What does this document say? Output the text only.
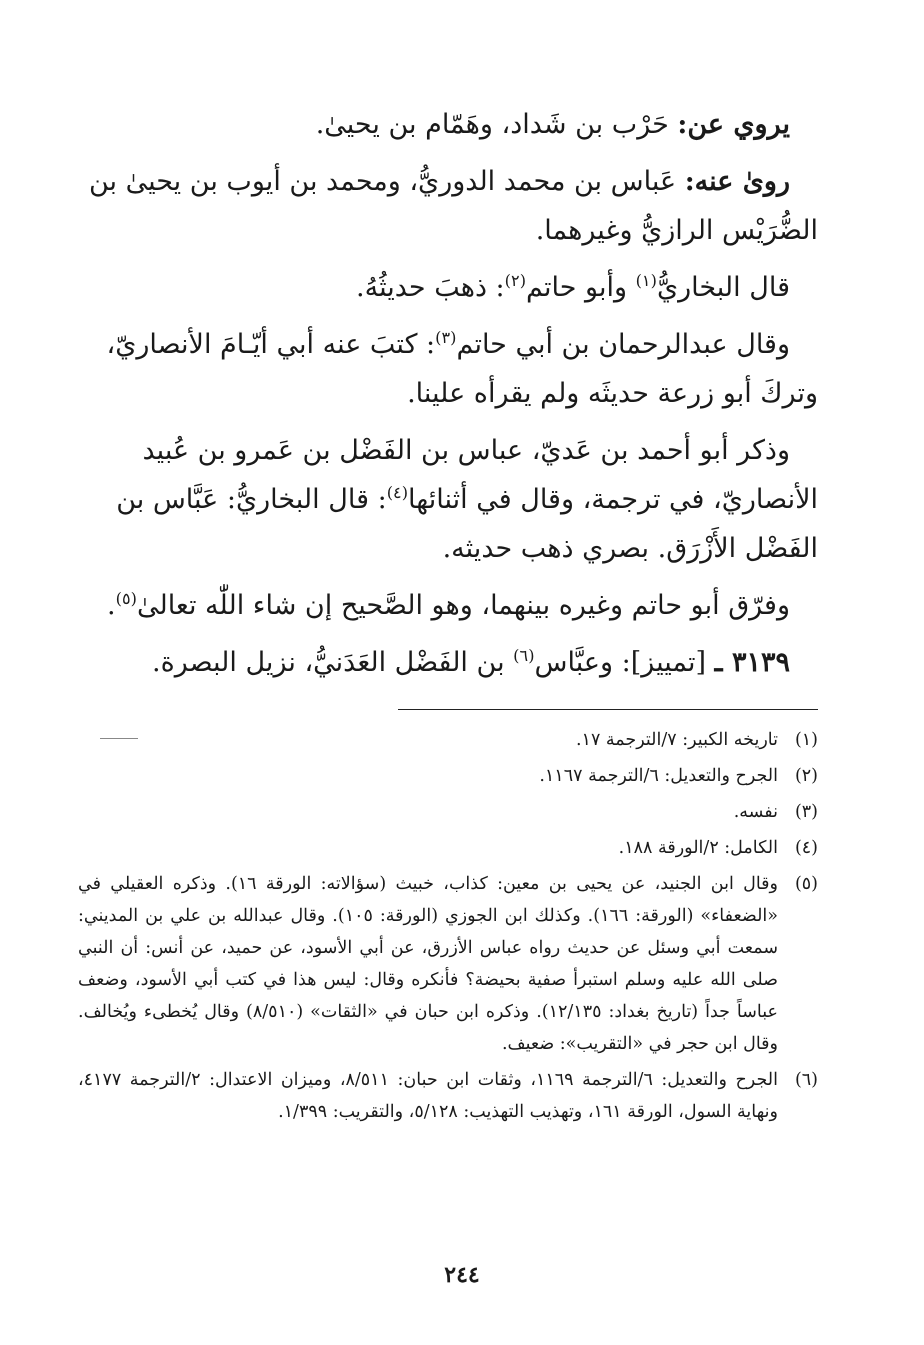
يروي عن: حَرْب بن شَداد، وهَمّام بن يحيىٰ.

رویٰ عنه: عَباس بن محمد الدوريُّ، ومحمد بن أيوب بن يحيىٰ بن الضُّرَيْس الرازيُّ وغيرهما.

قال البخاريُّ$^{(١)}$ وأبو حاتم$^{(٢)}$: ذهبَ حديثُهُ.

وقال عبدالرحمان بن أبي حاتم$^{(٣)}$: كتبَ عنه أبي أيّـامَ الأنصاريّ، وتركَ أبو زرعة حديثَه ولم يقرأه علينا.

وذكر أبو أحمد بن عَديّ، عباس بن الفَضْل بن عَمرو بن عُبيد الأنصاريّ، في ترجمة، وقال في أثنائها$^{(٤)}$: قال البخاريُّ: عَبَّاس بن الفَضْل الأَزْرَق. بصري ذهب حديثه.

وفرّق أبو حاتم وغيره بينهما، وهو الصَّحيح إن شاء اللّٰه تعالىٰ$^{(٥)}$.

٣١٣٩ ـ [تمييز]: وعبَّاس$^{(٦)}$ بن الفَضْل العَدَنيُّ، نزيل البصرة.

(١)
تاريخه الكبير: ٧/الترجمة ١٧.
(٢)
الجرح والتعديل: ٦/الترجمة ١١٦٧.
(٣)
نفسه.
(٤)
الكامل: ٢/الورقة ١٨٨.
(٥)
وقال ابن الجنيد، عن يحيى بن معين: كذاب، خبيث (سؤالاته: الورقة ١٦). وذكره العقيلي في «الضعفاء» (الورقة: ١٦٦). وكذلك ابن الجوزي (الورقة: ١٠٥). وقال عبدالله بن علي بن المديني: سمعت أبي وسئل عن حديث رواه عباس الأزرق، عن أبي الأسود، عن حميد، عن أنس: أن النبي صلى الله عليه وسلم استبرأ صفية بحيضة؟ فأنكره وقال: ليس هذا في كتب أبي الأسود، وضعف عباساً جداً (تاريخ بغداد: ١٢/١٣٥). وذكره ابن حبان في «الثقات» (٨/٥١٠) وقال يُخطىء ويُخالف. وقال ابن حجر في «التقريب»: ضعيف.
(٦)
الجرح والتعديل: ٦/الترجمة ١١٦٩، وثقات ابن حبان: ٨/٥١١، وميزان الاعتدال: ٢/الترجمة ٤١٧٧، ونهاية السول، الورقة ١٦١، وتهذيب التهذيب: ٥/١٢٨، والتقريب: ١/٣٩٩.
٢٤٤
